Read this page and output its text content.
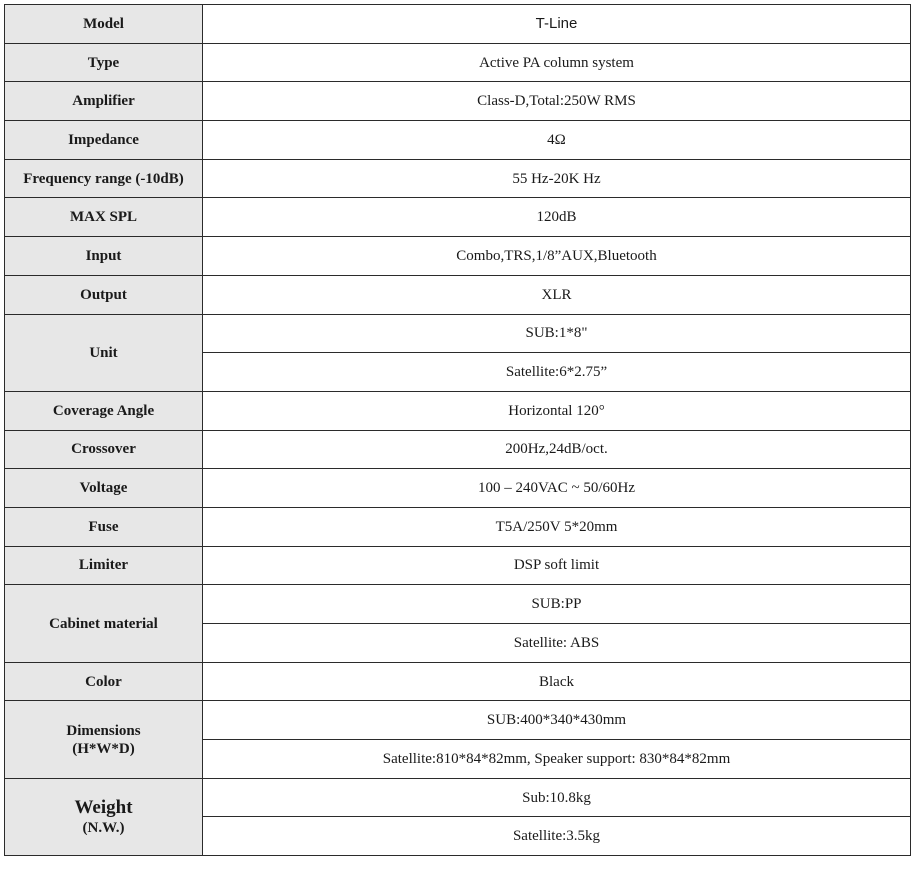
Model	T-Line
Type	Active PA column system
Amplifier	Class-D,Total:250W RMS
Impedance	4Ω
Frequency range (-10dB)	55 Hz-20K Hz
MAX SPL	120dB
Input	Combo,TRS,1/8”AUX,Bluetooth
Output	XLR
Unit	SUB:1*8"
	Satellite:6*2.75”
Coverage Angle	Horizontal 120°
Crossover	200Hz,24dB/oct.
Voltage	100 – 240VAC ~ 50/60Hz
Fuse	T5A/250V 5*20mm
Limiter	DSP soft limit
Cabinet material	SUB:PP
	Satellite: ABS
Color	Black

Dimensions
(H*W*D)	SUB:400*340*430mm
	Satellite:810*84*82mm, Speaker support: 830*84*82mm

Weight
(N.W.)	Sub:10.8kg
	Satellite:3.5kg
